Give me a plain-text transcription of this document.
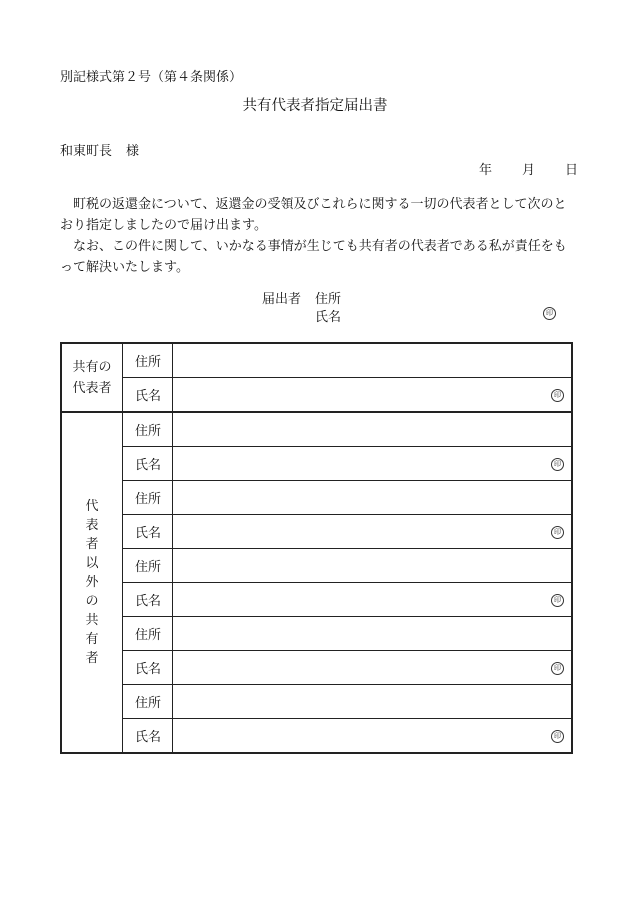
別記様式第２号（第４条関係）
共有代表者指定届出書
和東町長 様
年 月 日
町税の返還金について、返還金の受領及びこれらに関する一切の代表者として次のとおり指定しましたので届け出ます。
なお、この件に関して、いかなる事情が生じても共有者の代表者である私が責任をもって解決いたします。
届出者 住所
氏名	印
共有の
代表者	住所	
	氏名	印

代表者以外の共有者	住所	
	氏名	印

	住所	
	氏名	印

	住所	
	氏名	印

	住所	
	氏名	印

	住所	
	氏名	印
